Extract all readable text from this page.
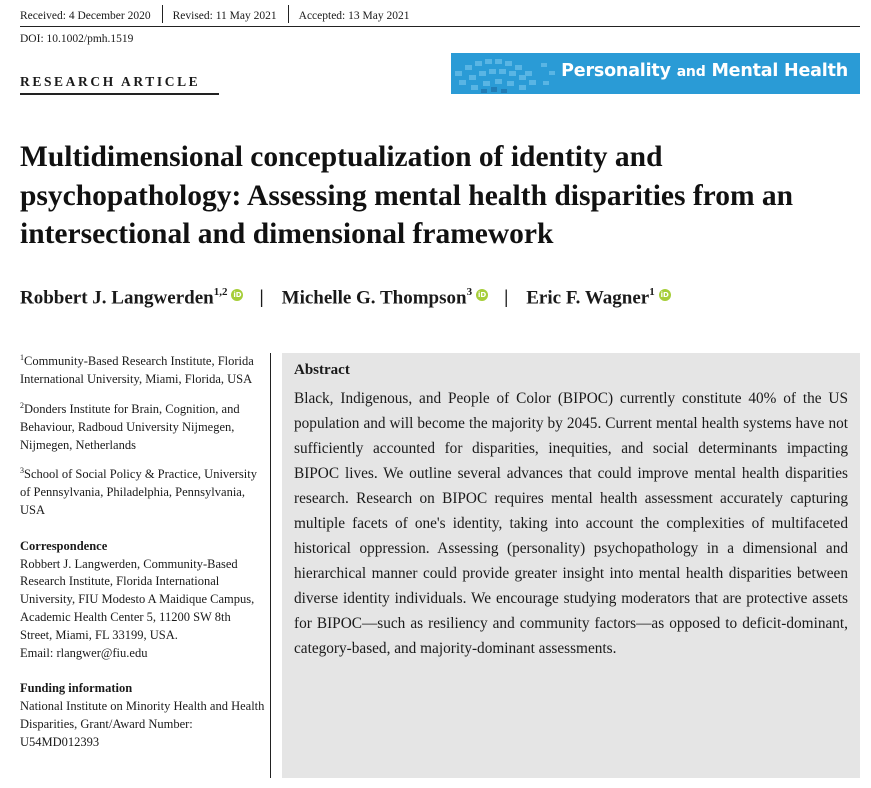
Received: 4 December 2020 Revised: 11 May 2021 Accepted: 13 May 2021
DOI: 10.1002/pmh.1519
RESEARCH ARTICLE
Personality and Mental Health
Multidimensional conceptualization of identity and psychopathology: Assessing mental health disparities from an intersectional and dimensional framework
Robbert J. Langwerden$^{1,2}$ iD | Michelle G. Thompson$^3$ iD | Eric F. Wagner$^1$ iD
$^1$Community-Based Research Institute, Florida International University, Miami, Florida, USA
$^2$Donders Institute for Brain, Cognition, and Behaviour, Radboud University Nijmegen, Nijmegen, Netherlands
$^3$School of Social Policy & Practice, University of Pennsylvania, Philadelphia, Pennsylvania, USA
Correspondence
Robbert J. Langwerden, Community-Based Research Institute, Florida International University, FIU Modesto A Maidique Campus, Academic Health Center 5, 11200 SW 8th Street, Miami, FL 33199, USA.
Email: rlangwer@fiu.edu
Funding information
National Institute on Minority Health and Health Disparities, Grant/Award Number: U54MD012393
Abstract
Black, Indigenous, and People of Color (BIPOC) currently constitute 40% of the US population and will become the majority by 2045. Current mental health systems have not sufficiently accounted for disparities, inequities, and social determinants impacting BIPOC lives. We outline several advances that could improve mental health disparities research. Research on BIPOC requires mental health assessment accurately capturing multiple facets of one's identity, taking into account the complexities of multifaceted historical oppression. Assessing (personality) psychopathology in a dimensional and hierarchical manner could provide greater insight into mental health disparities between diverse identity individuals. We encourage studying moderators that are protective assets for BIPOC—such as resiliency and community factors—as opposed to deficit-dominant, category-based, and majority-dominant assessments.
